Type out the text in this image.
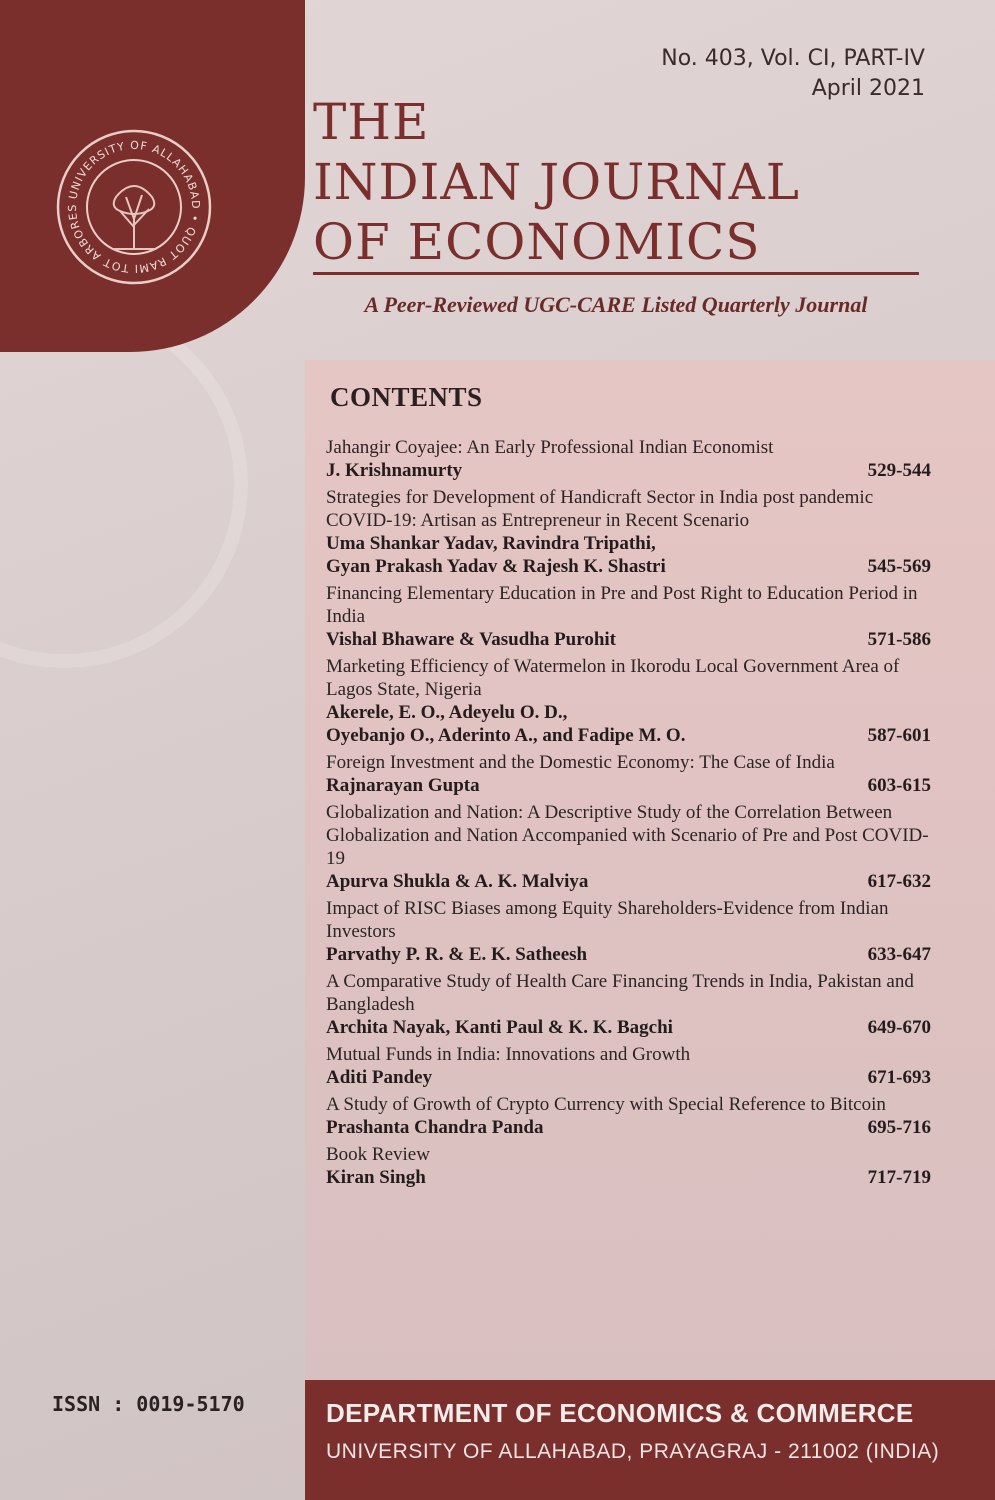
UNIVERSITY OF ALLAHABAD • QUOT RAMI TOT ARBORES
No. 403, Vol. CI, PART-IV
April 2021
THE
INDIAN JOURNAL
OF ECONOMICS
A Peer-Reviewed UGC-CARE Listed Quarterly Journal
CONTENTS
Jahangir Coyajee: An Early Professional Indian Economist
J. Krishnamurty	529-544
Strategies for Development of Handicraft Sector in India post pandemic COVID-19: Artisan as Entrepreneur in Recent Scenario
Uma Shankar Yadav, Ravindra Tripathi,
Gyan Prakash Yadav & Rajesh K. Shastri	545-569
Financing Elementary Education in Pre and Post Right to Education Period in India
Vishal Bhaware & Vasudha Purohit	571-586
Marketing Efficiency of Watermelon in Ikorodu Local Government Area of Lagos State, Nigeria
Akerele, E. O., Adeyelu O. D.,
Oyebanjo O., Aderinto A., and Fadipe M. O.	587-601
Foreign Investment and the Domestic Economy: The Case of India
Rajnarayan Gupta	603-615
Globalization and Nation: A Descriptive Study of the Correlation Between Globalization and Nation Accompanied with Scenario of Pre and Post COVID-19
Apurva Shukla & A. K. Malviya	617-632
Impact of RISC Biases among Equity Shareholders-Evidence from Indian Investors
Parvathy P. R. & E. K. Satheesh	633-647
A Comparative Study of Health Care Financing Trends in India, Pakistan and Bangladesh
Archita Nayak, Kanti Paul & K. K. Bagchi	649-670
Mutual Funds in India: Innovations and Growth
Aditi Pandey	671-693
A Study of Growth of Crypto Currency with Special Reference to Bitcoin
Prashanta Chandra Panda	695-716
Book Review
Kiran Singh	717-719
ISSN : 0019-5170	DEPARTMENT OF ECONOMICS & COMMERCE
UNIVERSITY OF ALLAHABAD, PRAYAGRAJ - 211002 (INDIA)
